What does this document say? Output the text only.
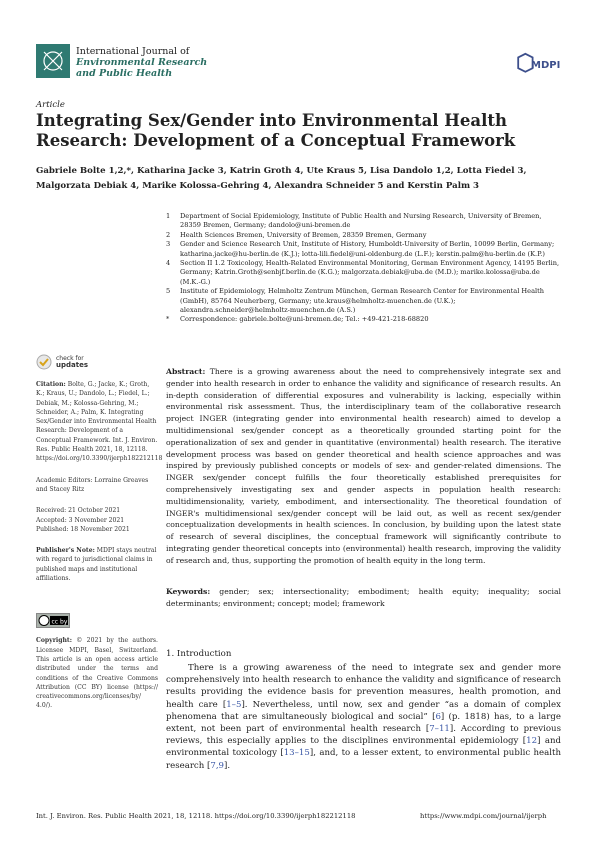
International Journal of
Environmental Research
and Public Health
MDPI
Article
Integrating Sex/Gender into Environmental Health Research: Development of a Conceptual Framework
Gabriele Bolte 1,2,*, Katharina Jacke 3, Katrin Groth 4, Ute Kraus 5, Lisa Dandolo 1,2, Lotta Fiedel 3, Malgorzata Debiak 4, Marike Kolossa-Gehring 4, Alexandra Schneider 5 and Kerstin Palm 3
1	Department of Social Epidemiology, Institute of Public Health and Nursing Research, University of Bremen, 28359 Bremen, Germany; dandolo@uni-bremen.de
2	Health Sciences Bremen, University of Bremen, 28359 Bremen, Germany
3	Gender and Science Research Unit, Institute of History, Humboldt-University of Berlin, 10099 Berlin, Germany; katharina.jacke@hu-berlin.de (K.J.); lotta-lili.fiedel@uni-oldenburg.de (L.F.); kerstin.palm@hu-berlin.de (K.P.)
4	Section II 1.2 Toxicology, Health-Related Environmental Monitoring, German Environment Agency, 14195 Berlin, Germany; Katrin.Groth@senbjf.berlin.de (K.G.); malgorzata.debiak@uba.de (M.D.); marike.kolossa@uba.de (M.K.-G.)
5	Institute of Epidemiology, Helmholtz Zentrum München, German Research Center for Environmental Health (GmbH), 85764 Neuherberg, Germany; ute.kraus@helmholtz-muenchen.de (U.K.); alexandra.schneider@helmholtz-muenchen.de (A.S.)
*	Correspondence: gabriele.bolte@uni-bremen.de; Tel.: +49-421-218-68820
check for
updates
Citation: Bolte, G.; Jacke, K.; Groth, K.; Kraus, U.; Dandolo, L.; Fiedel, L.; Debiak, M.; Kolossa-Gehring, M.; Schneider, A.; Palm, K. Integrating Sex/Gender into Environmental Health Research: Development of a Conceptual Framework. Int. J. Environ. Res. Public Health 2021, 18, 12118. https://doi.org/10.3390/ijerph182212118
Academic Editors: Lorraine Greaves and Stacey Ritz
Received: 21 October 2021
Accepted: 3 November 2021
Published: 18 November 2021
Publisher's Note: MDPI stays neutral with regard to jurisdictional claims in published maps and institutional affiliations.
cc by
Copyright: © 2021 by the authors. Licensee MDPI, Basel, Switzerland. This article is an open access article distributed under the terms and conditions of the Creative Commons Attribution (CC BY) license (https:// creativecommons.org/licenses/by/ 4.0/).
Abstract: There is a growing awareness about the need to comprehensively integrate sex and gender into health research in order to enhance the validity and significance of research results. An in-depth consideration of differential exposures and vulnerability is lacking, especially within environmental risk assessment. Thus, the interdisciplinary team of the collaborative research project INGER (integrating gender into environmental health research) aimed to develop a multidimensional sex/gender concept as a theoretically grounded starting point for the operationalization of sex and gender in quantitative (environmental) health research. The iterative development process was based on gender theoretical and health science approaches and was inspired by previously published concepts or models of sex- and gender-related dimensions. The INGER sex/gender concept fulfills the four theoretically established prerequisites for comprehensively investigating sex and gender aspects in population health research: multidimensionality, variety, embodiment, and intersectionality. The theoretical foundation of INGER's multidimensional sex/gender concept will be laid out, as well as recent sex/gender conceptualization developments in health sciences. In conclusion, by building upon the latest state of research of several disciplines, the conceptual framework will significantly contribute to integrating gender theoretical concepts into (environmental) health research, improving the validity of research and, thus, supporting the promotion of health equity in the long term.
Keywords: gender; sex; intersectionality; embodiment; health equity; inequality; social determinants; environment; concept; model; framework
1. Introduction
There is a growing awareness of the need to integrate sex and gender more comprehensively into health research to enhance the validity and significance of research results providing the evidence basis for prevention measures, health promotion, and health care [1–5]. Nevertheless, until now, sex and gender “as a domain of complex phenomena that are simultaneously biological and social” [6] (p. 1818) has, to a large extent, not been part of environmental health research [7–11]. According to previous reviews, this especially applies to the disciplines environmental epidemiology [12] and environmental toxicology [13–15], and, to a lesser extent, to environmental public health research [7,9].
Int. J. Environ. Res. Public Health 2021, 18, 12118. https://doi.org/10.3390/ijerph182212118	https://www.mdpi.com/journal/ijerph
